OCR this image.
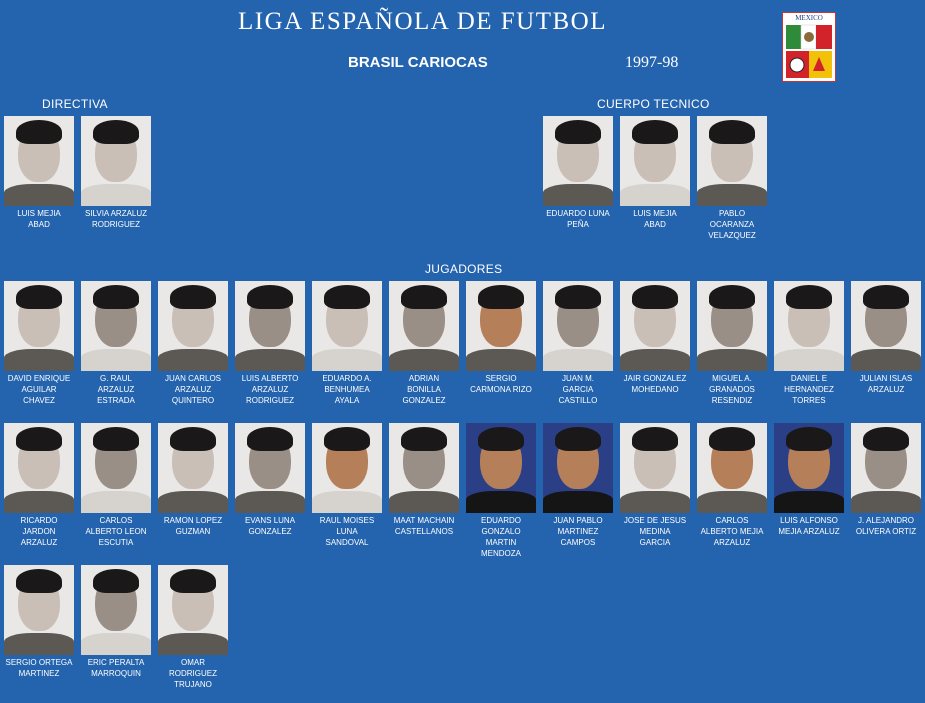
LIGA ESPAÑOLA DE FUTBOL
BRASIL CARIOCAS	1997-98
MEXICO
DIRECTIVA	CUERPO TECNICO
JUGADORES
LUIS MEJIA
ABAD
SILVIA ARZALUZ
RODRIGUEZ
EDUARDO LUNA
PEÑA
LUIS MEJIA
ABAD
PABLO
OCARANZA
VELAZQUEZ
DAVID ENRIQUE
AGUILAR
CHAVEZ
G. RAUL
ARZALUZ
ESTRADA
JUAN CARLOS
ARZALUZ
QUINTERO
LUIS ALBERTO
ARZALUZ
RODRIGUEZ
EDUARDO A.
BENHUMEA
AYALA
ADRIAN
BONILLA
GONZALEZ
SERGIO
CARMONA RIZO
JUAN M.
GARCIA
CASTILLO
JAIR GONZALEZ
MOHEDANO
MIGUEL A.
GRANADOS
RESENDIZ
DANIEL E
HERNANDEZ
TORRES
JULIAN ISLAS
ARZALUZ
RICARDO
JARDON
ARZALUZ
CARLOS
ALBERTO LEON
ESCUTIA
RAMON LOPEZ
GUZMAN
EVANS LUNA
GONZALEZ
RAUL MOISES
LUNA
SANDOVAL
MAAT MACHAIN
CASTELLANOS
EDUARDO
GONZALO
MARTIN
MENDOZA
JUAN PABLO
MARTINEZ
CAMPOS
JOSE DE JESUS
MEDINA
GARCIA
CARLOS
ALBERTO MEJIA
ARZALUZ
LUIS ALFONSO
MEJIA ARZALUZ
J. ALEJANDRO
OLIVERA ORTIZ
SERGIO ORTEGA
MARTINEZ
ERIC PERALTA
MARROQUIN
OMAR
RODRIGUEZ
TRUJANO
